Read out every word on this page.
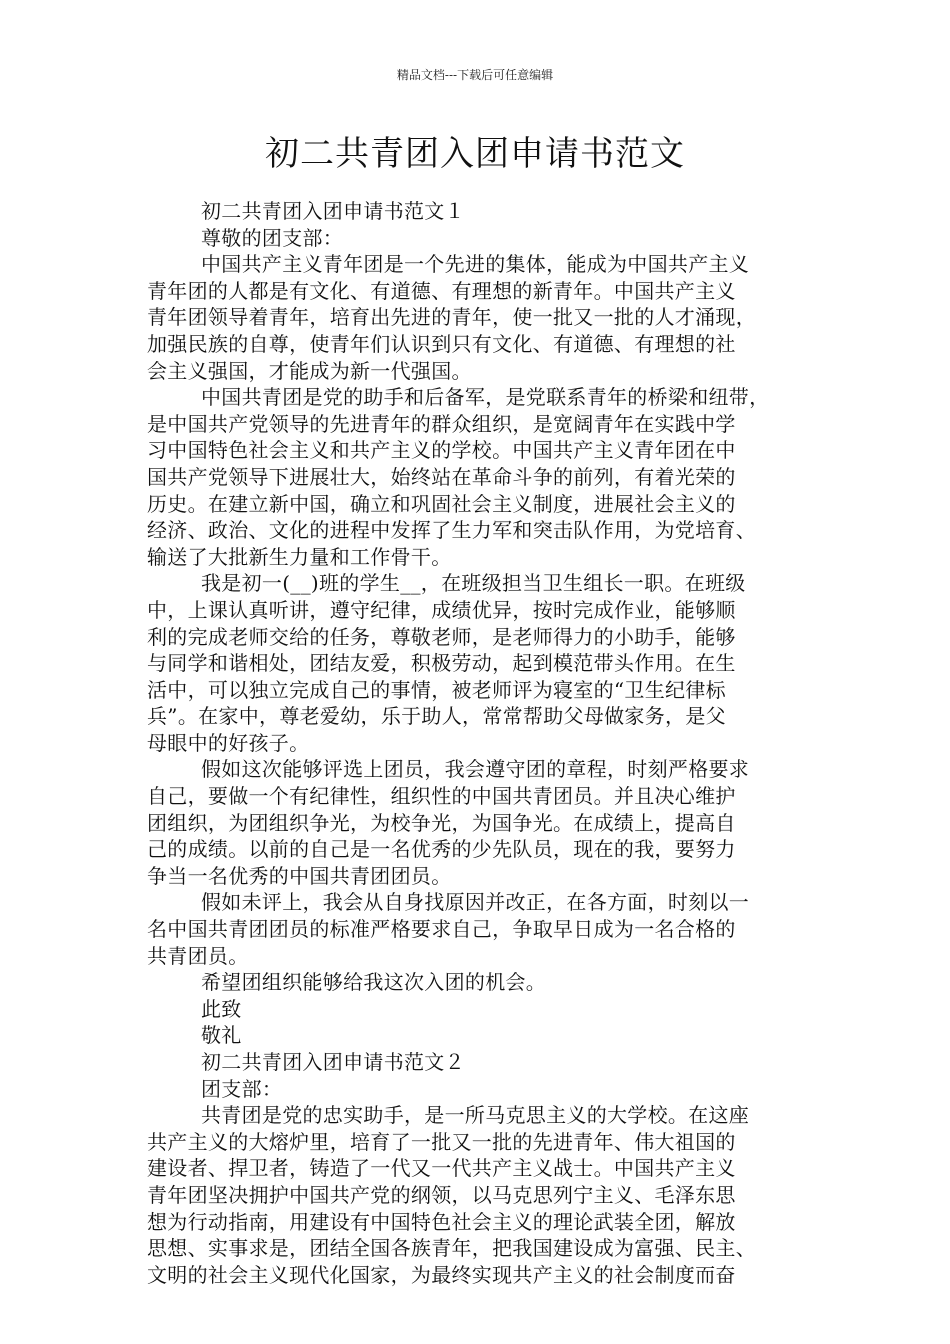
精品文档---下载后可任意编辑
初二共青团入团申请书范文

初二共青团入团申请书范文１

尊敬的团支部：

中国共产主义青年团是一个先进的集体，能成为中国共产主义

青年团的人都是有文化、有道德、有理想的新青年。中国共产主义

青年团领导着青年，培育出先进的青年，使一批又一批的人才涌现，

加强民族的自尊，使青年们认识到只有文化、有道德、有理想的社

会主义强国，才能成为新一代强国。

中国共青团是党的助手和后备军，是党联系青年的桥梁和纽带，

是中国共产党领导的先进青年的群众组织，是宽阔青年在实践中学

习中国特色社会主义和共产主义的学校。中国共产主义青年团在中

国共产党领导下进展壮大，始终站在革命斗争的前列，有着光荣的

历史。在建立新中国，确立和巩固社会主义制度，进展社会主义的

经济、政治、文化的进程中发挥了生力军和突击队作用，为党培育、

输送了大批新生力量和工作骨干。

我是初一(__)班的学生__，在班级担当卫生组长一职。在班级

中，上课认真听讲，遵守纪律，成绩优异，按时完成作业，能够顺

利的完成老师交给的任务，尊敬老师，是老师得力的小助手，能够

与同学和谐相处，团结友爱，积极劳动，起到模范带头作用。在生

活中，可以独立完成自己的事情，被老师评为寝室的“卫生纪律标

兵”。在家中，尊老爱幼，乐于助人，常常帮助父母做家务，是父

母眼中的好孩子。

假如这次能够评选上团员，我会遵守团的章程，时刻严格要求

自己，要做一个有纪律性，组织性的中国共青团员。并且决心维护

团组织，为团组织争光，为校争光，为国争光。在成绩上，提高自

己的成绩。以前的自己是一名优秀的少先队员，现在的我，要努力

争当一名优秀的中国共青团团员。

假如未评上，我会从自身找原因并改正，在各方面，时刻以一

名中国共青团团员的标准严格要求自己，争取早日成为一名合格的

共青团员。

希望团组织能够给我这次入团的机会。

此致

敬礼

初二共青团入团申请书范文２

团支部：

共青团是党的忠实助手，是一所马克思主义的大学校。在这座

共产主义的大熔炉里，培育了一批又一批的先进青年、伟大祖国的

建设者、捍卫者，铸造了一代又一代共产主义战士。中国共产主义

青年团坚决拥护中国共产党的纲领，以马克思列宁主义、毛泽东思

想为行动指南，用建设有中国特色社会主义的理论武装全团，解放

思想、实事求是，团结全国各族青年，把我国建设成为富强、民主、

文明的社会主义现代化国家，为最终实现共产主义的社会制度而奋
